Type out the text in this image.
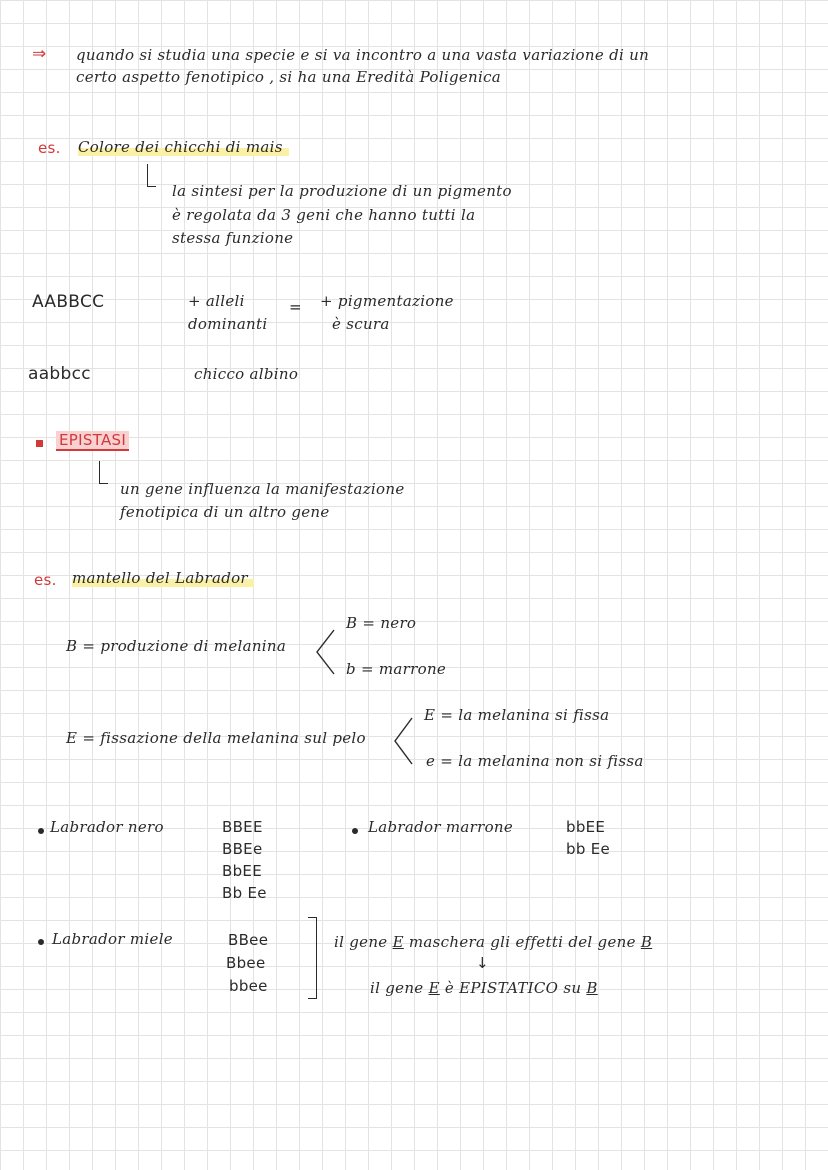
⇒ quando si studia una specie e si va incontro a una vasta variazione di un
certo aspetto fenotipico , si ha una Eredità Poligenica
es. Colore dei chicchi di mais
la sintesi per la produzione di un pigmento
è regolata da 3 geni che hanno tutti la
stessa funzione
AABBCC	+ alleli
dominanti
= + pigmentazione
è scura
aabbcc	chicco albino
EPISTASI
un gene influenza la manifestazione
fenotipica di un altro gene
es. mantello del Labrador
B = produzione di melanina
B = nero
b = marrone
E = fissazione della melanina sul pelo
E = la melanina si fissa
e = la melanina non si fissa
Labrador nero	BBEE
BBEe
BbEE
Bb Ee
Labrador marrone	bbEE
bb Ee
Labrador miele	BBee
Bbee
bbee
il gene E maschera gli effetti del gene B
↓
il gene E è EPISTATICO su B
